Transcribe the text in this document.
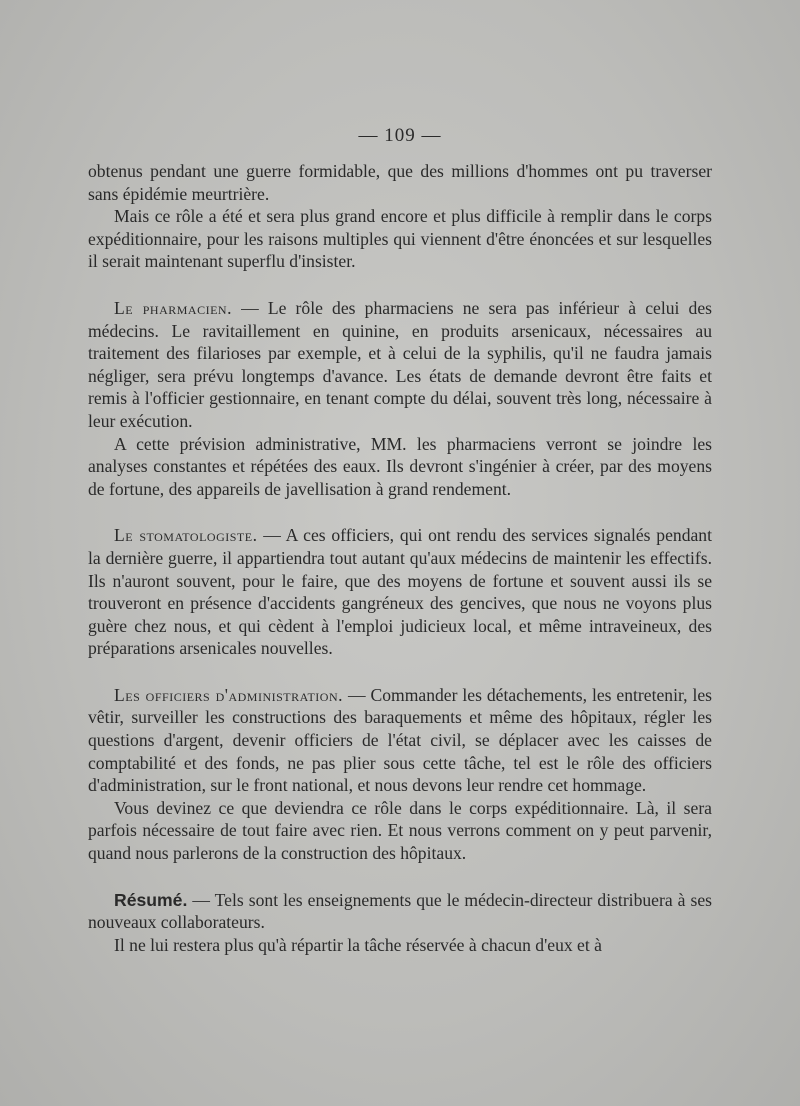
— 109 —

obtenus pendant une guerre formidable, que des millions d'hommes ont pu traverser sans épidémie meurtrière.

Mais ce rôle a été et sera plus grand encore et plus difficile à remplir dans le corps expéditionnaire, pour les raisons multiples qui viennent d'être énoncées et sur lesquelles il serait maintenant superflu d'insister.

Le pharmacien. — Le rôle des pharmaciens ne sera pas inférieur à celui des médecins. Le ravitaillement en quinine, en produits arsenicaux, nécessaires au traitement des filarioses par exemple, et à celui de la syphilis, qu'il ne faudra jamais négliger, sera prévu longtemps d'avance. Les états de demande devront être faits et remis à l'officier gestionnaire, en tenant compte du délai, souvent très long, nécessaire à leur exécution.

A cette prévision administrative, MM. les pharmaciens verront se joindre les analyses constantes et répétées des eaux. Ils devront s'ingénier à créer, par des moyens de fortune, des appareils de javellisation à grand rendement.

Le stomatologiste. — A ces officiers, qui ont rendu des services signalés pendant la dernière guerre, il appartiendra tout autant qu'aux médecins de maintenir les effectifs. Ils n'auront souvent, pour le faire, que des moyens de fortune et souvent aussi ils se trouveront en présence d'accidents gangréneux des gencives, que nous ne voyons plus guère chez nous, et qui cèdent à l'emploi judicieux local, et même intraveineux, des préparations arsenicales nouvelles.

Les officiers d'administration. — Commander les détachements, les entretenir, les vêtir, surveiller les constructions des baraquements et même des hôpitaux, régler les questions d'argent, devenir officiers de l'état civil, se déplacer avec les caisses de comptabilité et des fonds, ne pas plier sous cette tâche, tel est le rôle des officiers d'administration, sur le front national, et nous devons leur rendre cet hommage.

Vous devinez ce que deviendra ce rôle dans le corps expéditionnaire. Là, il sera parfois nécessaire de tout faire avec rien. Et nous verrons comment on y peut parvenir, quand nous parlerons de la construction des hôpitaux.

Résumé. — Tels sont les enseignements que le médecin-directeur distribuera à ses nouveaux collaborateurs.

Il ne lui restera plus qu'à répartir la tâche réservée à chacun d'eux et à
